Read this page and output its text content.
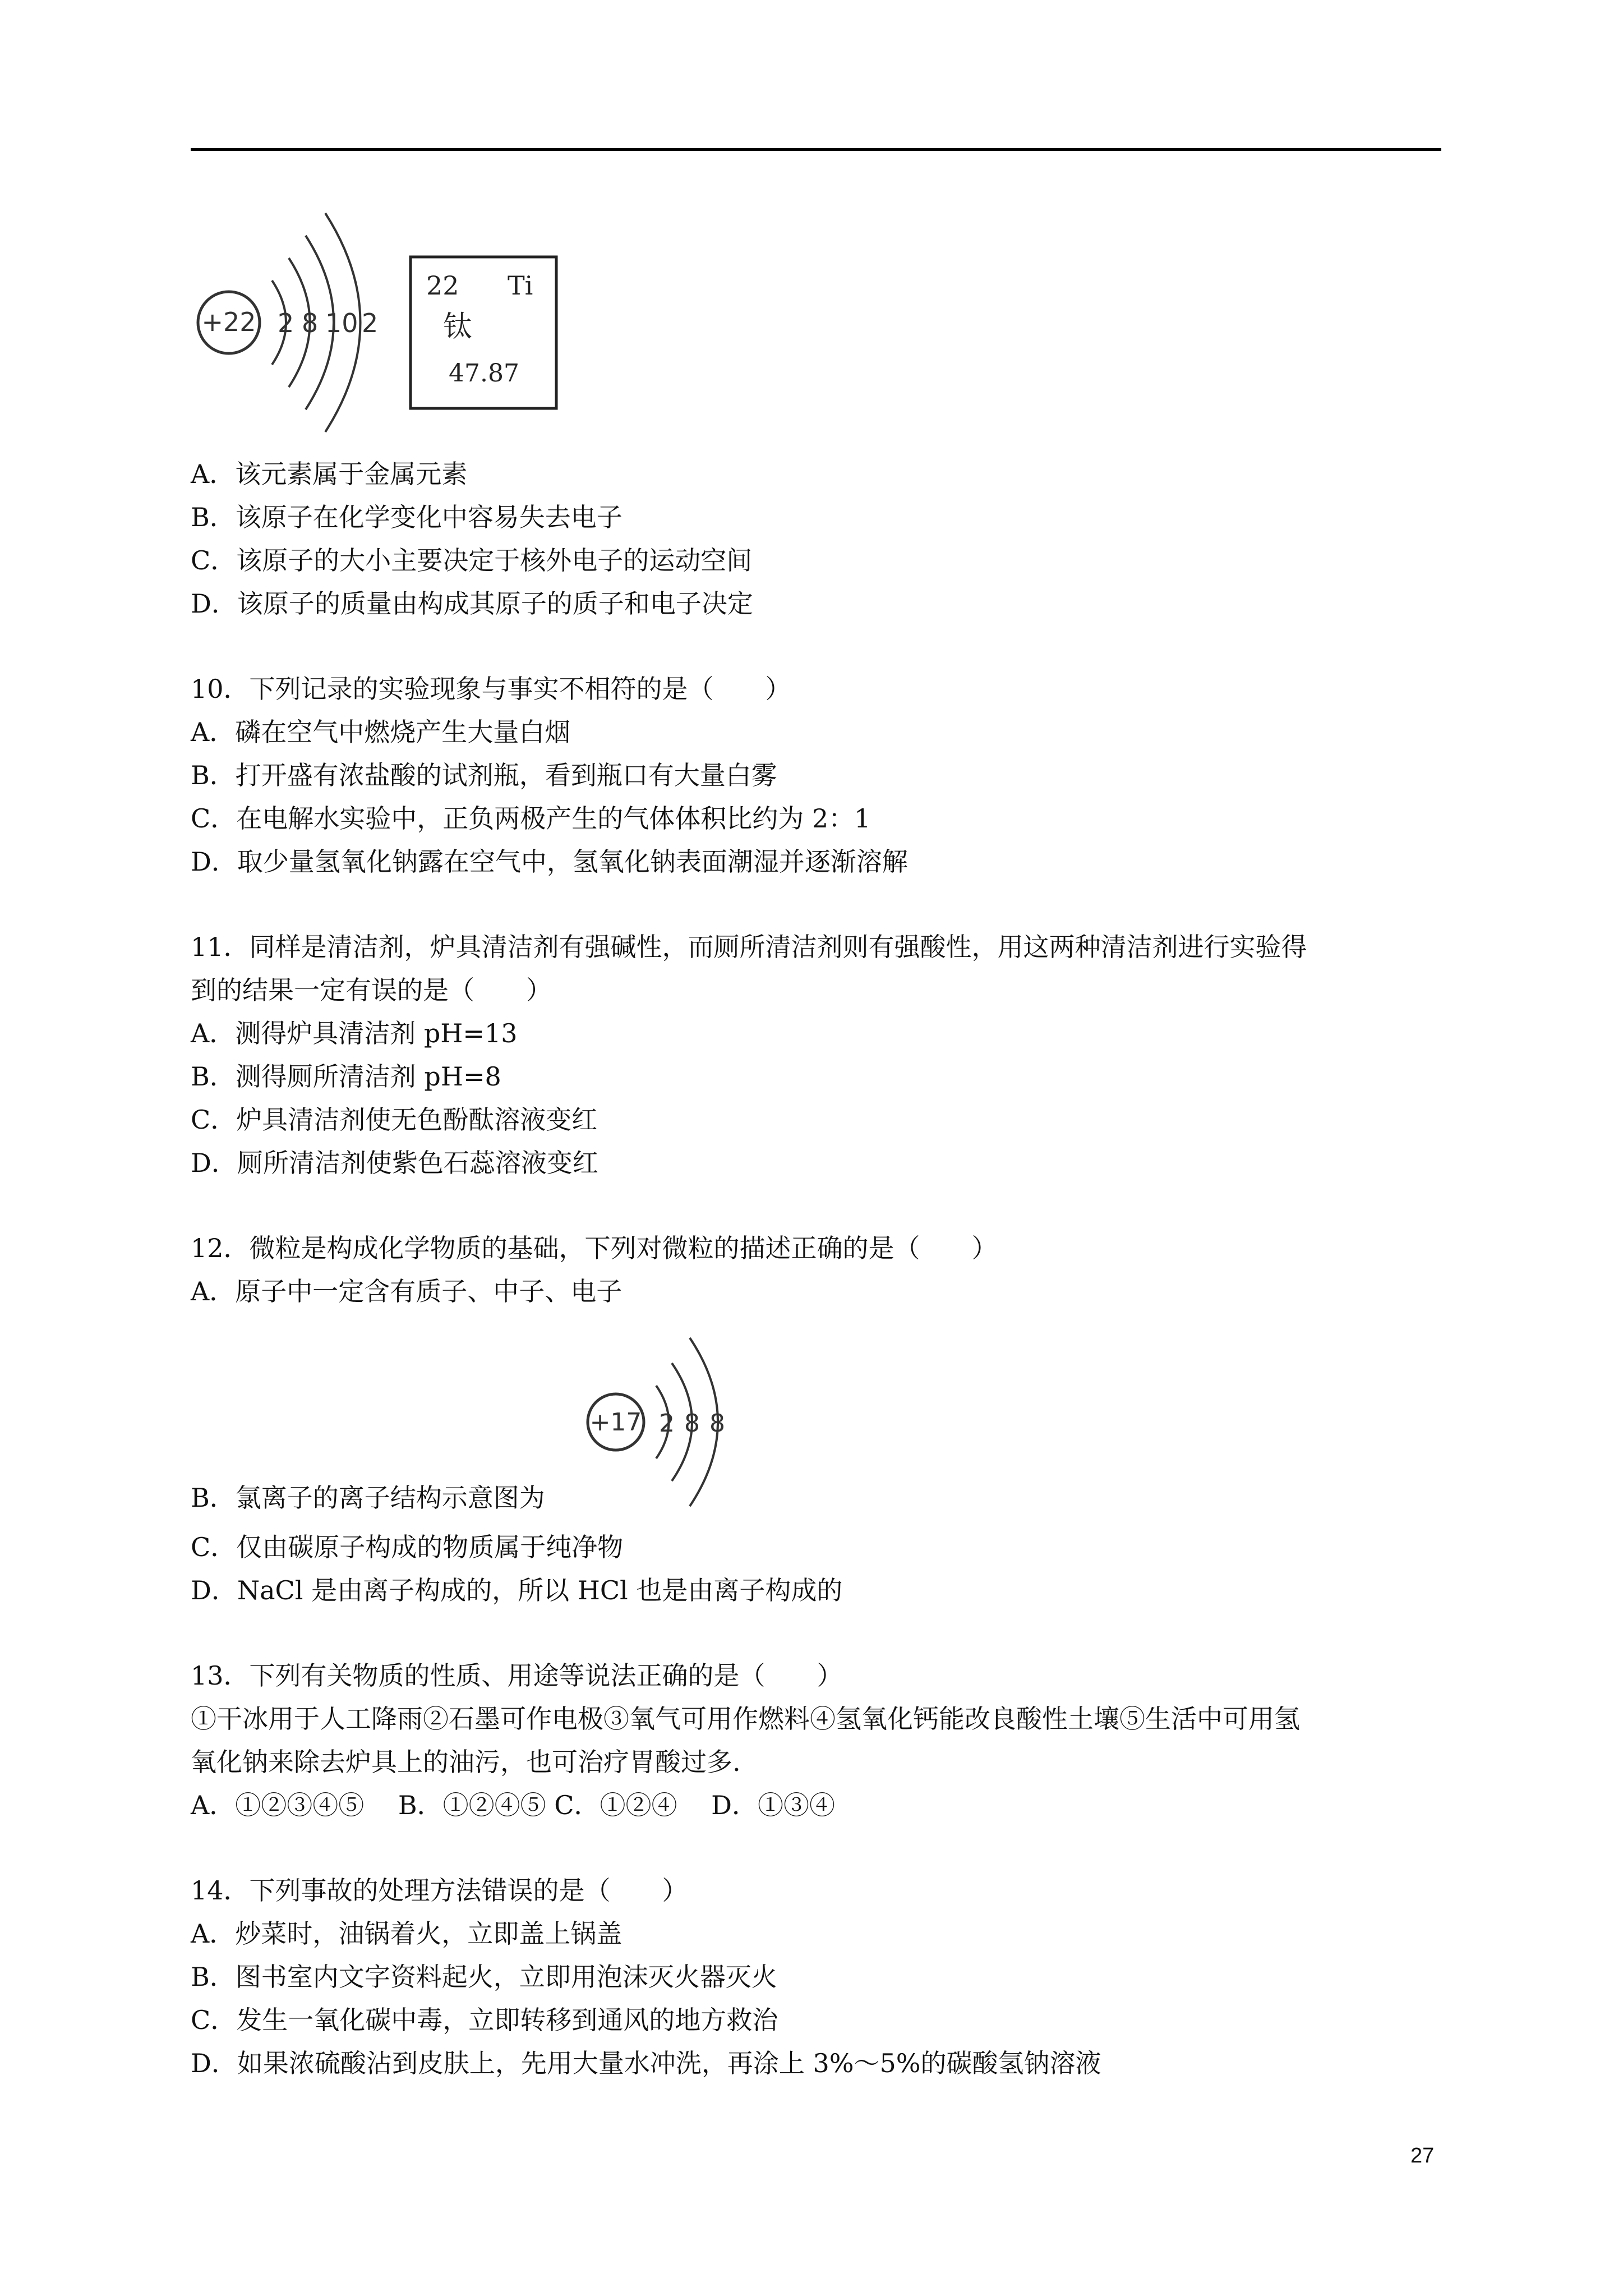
+22 2 8 10 2
22 Ti
钛
47.87
A．该元素属于金属元素
B．该原子在化学变化中容易失去电子
C．该原子的大小主要决定于核外电子的运动空间
D．该原子的质量由构成其原子的质子和电子决定
10．下列记录的实验现象与事实不相符的是（　　）
A．磷在空气中燃烧产生大量白烟
B．打开盛有浓盐酸的试剂瓶，看到瓶口有大量白雾
C．在电解水实验中，正负两极产生的气体体积比约为 2：1
D．取少量氢氧化钠露在空气中，氢氧化钠表面潮湿并逐渐溶解
11．同样是清洁剂，炉具清洁剂有强碱性，而厕所清洁剂则有强酸性，用这两种清洁剂进行实验得
到的结果一定有误的是（　　）
A．测得炉具清洁剂 pH=13
B．测得厕所清洁剂 pH=8
C．炉具清洁剂使无色酚酞溶液变红
D．厕所清洁剂使紫色石蕊溶液变红
12．微粒是构成化学物质的基础，下列对微粒的描述正确的是（　　）
A．原子中一定含有质子、中子、电子
+17 2 8 8
B．氯离子的离子结构示意图为
C．仅由碳原子构成的物质属于纯净物
D．NaCl 是由离子构成的，所以 HCl 也是由离子构成的
13．下列有关物质的性质、用途等说法正确的是（　　）
①干冰用于人工降雨②石墨可作电极③氧气可用作燃料④氢氧化钙能改良酸性土壤⑤生活中可用氢
氧化钠来除去炉具上的油污，也可治疗胃酸过多.
A．①②③④⑤　 B．①②④⑤ C．①②④　 D．①③④
14．下列事故的处理方法错误的是（　　）
A．炒菜时，油锅着火，立即盖上锅盖
B．图书室内文字资料起火，立即用泡沫灭火器灭火
C．发生一氧化碳中毒，立即转移到通风的地方救治
D．如果浓硫酸沾到皮肤上，先用大量水冲洗，再涂上 3%～5%的碳酸氢钠溶液
27
